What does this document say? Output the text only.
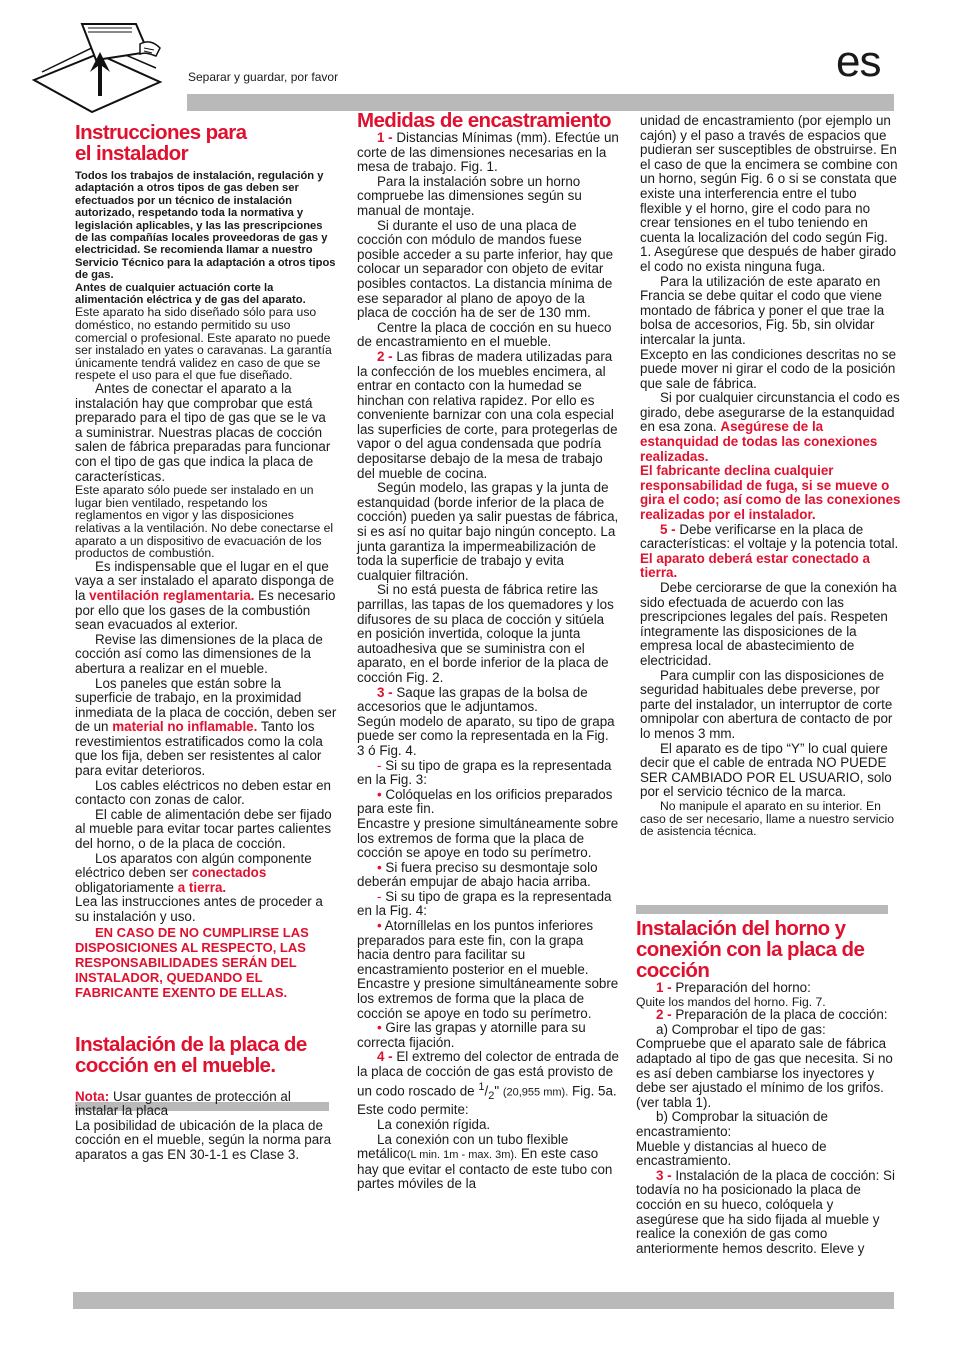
Separar y guardar, por favor	es
Instrucciones para
el instalador

Todos los trabajos de instalación, regulación y adaptación a otros tipos de gas deben ser efectuados por un técnico de instalación autorizado, respetando toda la normativa y legislación aplicables, y las las prescripciones de las compañías locales proveedoras de gas y electricidad. Se recomienda llamar a nuestro Servicio Técnico para la adaptación a otros tipos de gas.

Antes de cualquier actuación corte la alimentación eléctrica y de gas del aparato.

Este aparato ha sido diseñado sólo para uso doméstico, no estando permitido su uso comercial o profesional. Este aparato no puede ser instalado en yates o caravanas. La garantía únicamente tendrá validez en caso de que se respete el uso para el que fue diseñado.

Antes de conectar el aparato a la instalación hay que comprobar que está preparado para el tipo de gas que se le va a suministrar. Nuestras placas de cocción salen de fábrica preparadas para funcionar con el tipo de gas que indica la placa de características.

Este aparato sólo puede ser instalado en un lugar bien ventilado, respetando los reglamentos en vigor y las disposiciones relativas a la ventilación. No debe conectarse el aparato a un dispositivo de evacuación de los productos de combustión.

Es indispensable que el lugar en el que vaya a ser instalado el aparato disponga de la ventilación reglamentaria. Es necesario por ello que los gases de la combustión sean evacuados al exterior.

Revise las dimensiones de la placa de cocción así como las dimensiones de la abertura a realizar en el mueble.

Los paneles que están sobre la superficie de trabajo, en la proximidad inmediata de la placa de cocción, deben ser de un material no inflamable. Tanto los revestimientos estratificados como la cola que los fija, deben ser resistentes al calor para evitar deterioros.

Los cables eléctricos no deben estar en contacto con zonas de calor.

El cable de alimentación debe ser fijado al mueble para evitar tocar partes calientes del horno, o de la placa de cocción.

Los aparatos con algún componente eléctrico deben ser conectados obligatoriamente a tierra.

Lea las instrucciones antes de proceder a su instalación y uso.

EN CASO DE NO CUMPLIRSE LAS DISPOSICIONES AL RESPECTO, LAS RESPONSABILIDADES SERÁN DEL INSTALADOR, QUEDANDO EL FABRICANTE EXENTO DE ELLAS.

Instalación de la placa de
cocción en el mueble.

Nota: Usar guantes de protección al instalar la placa

La posibilidad de ubicación de la placa de cocción en el mueble, según la norma para aparatos a gas EN 30-1-1 es Clase 3.

Medidas de encastramiento

1 - Distancias Mínimas (mm). Efectúe un corte de las dimensiones necesarias en la mesa de trabajo. Fig. 1.

Para la instalación sobre un horno compruebe las dimensiones según su manual de montaje.

Si durante el uso de una placa de cocción con módulo de mandos fuese posible acceder a su parte inferior, hay que colocar un separador con objeto de evitar posibles contactos. La distancia mínima de ese separador al plano de apoyo de la placa de cocción ha de ser de 130 mm.

Centre la placa de cocción en su hueco de encastramiento en el mueble.

2 - Las fibras de madera utilizadas para la confección de los muebles encimera, al entrar en contacto con la humedad se hinchan con relativa rapidez. Por ello es conveniente barnizar con una cola especial las superficies de corte, para protegerlas de vapor o del agua condensada que podría depositarse debajo de la mesa de trabajo del mueble de cocina.

Según modelo, las grapas y la junta de estanquidad (borde inferior de la placa de cocción) pueden ya salir puestas de fábrica, si es así no quitar bajo ningún concepto. La junta garantiza la impermeabilización de toda la superficie de trabajo y evita cualquier filtración.

Si no está puesta de fábrica retire las parrillas, las tapas de los quemadores y los difusores de su placa de cocción y sitúela en posición invertida, coloque la junta autoadhesiva que se suministra con el aparato, en el borde inferior de la placa de cocción Fig. 2.

3 - Saque las grapas de la bolsa de accesorios que le adjuntamos.

Según modelo de aparato, su tipo de grapa puede ser como la representada en la Fig. 3 ó Fig. 4.

- Si su tipo de grapa es la representada en la Fig. 3:

• Colóquelas en los orificios preparados para este fin.

Encastre y presione simultáneamente sobre los extremos de forma que la placa de cocción se apoye en todo su perímetro.

• Si fuera preciso su desmontaje solo deberán empujar de abajo hacia arriba.

- Si su tipo de grapa es la representada en la Fig. 4:

• Atorníllelas en los puntos inferiores preparados para este fin, con la grapa hacia dentro para facilitar su encastramiento posterior en el mueble.

Encastre y presione simultáneamente sobre los extremos de forma que la placa de cocción se apoye en todo su perímetro.

• Gire las grapas y atornille para su correcta fijación.

4 - El extremo del colector de entrada de la placa de cocción de gas está provisto de un codo roscado de $^1/_2$" (20,955 mm). Fig. 5a. Este codo permite:

La conexión rígida.

La conexión con un tubo flexible metálico(L min. 1m - max. 3m). En este caso hay que evitar el contacto de este tubo con partes móviles de la

unidad de encastramiento (por ejemplo un cajón) y el paso a través de espacios que pudieran ser susceptibles de obstruirse. En el caso de que la encimera se combine con un horno, según Fig. 6 o si se constata que existe una interferencia entre el tubo flexible y el horno, gire el codo para no crear tensiones en el tubo teniendo en cuenta la localización del codo según Fig. 1. Asegúrese que después de haber girado el codo no exista ninguna fuga.

Para la utilización de este aparato en Francia se debe quitar el codo que viene montado de fábrica y poner el que trae la bolsa de accesorios, Fig. 5b, sin olvidar intercalar la junta.

Excepto en las condiciones descritas no se puede mover ni girar el codo de la posición que sale de fábrica.

Si por cualquier circunstancia el codo es girado, debe asegurarse de la estanquidad en esa zona. Asegúrese de la estanquidad de todas las conexiones realizadas.

El fabricante declina cualquier responsabilidad de fuga, si se mueve o gira el codo; así como de las conexiones realizadas por el instalador.

5 - Debe verificarse en la placa de características: el voltaje y la potencia total. El aparato deberá estar conectado a tierra.

Debe cerciorarse de que la conexión ha sido efectuada de acuerdo con las prescripciones legales del país. Respeten íntegramente las disposiciones de la empresa local de abastecimiento de electricidad.

Para cumplir con las disposiciones de seguridad habituales debe preverse, por parte del instalador, un interruptor de corte omnipolar con abertura de contacto de por lo menos 3 mm.

El aparato es de tipo “Y” lo cual quiere decir que el cable de entrada NO PUEDE SER CAMBIADO POR EL USUARIO, solo por el servicio técnico de la marca.

No manipule el aparato en su interior. En caso de ser necesario, llame a nuestro servicio de asistencia técnica.

Instalación del horno y
conexión con la placa de
cocción

1 - Preparación del horno:

Quite los mandos del horno. Fig. 7.

2 - Preparación de la placa de cocción:

a) Comprobar el tipo de gas:

Compruebe que el aparato sale de fábrica adaptado al tipo de gas que necesita. Si no es así deben cambiarse los inyectores y debe ser ajustado el mínimo de los grifos. (ver tabla 1).

b) Comprobar la situación de encastramiento:

Mueble y distancias al hueco de encastramiento.

3 - Instalación de la placa de cocción: Si todavía no ha posicionado la placa de cocción en su hueco, colóquela y asegúrese que ha sido fijada al mueble y realice la conexión de gas como anteriormente hemos descrito. Eleve y
